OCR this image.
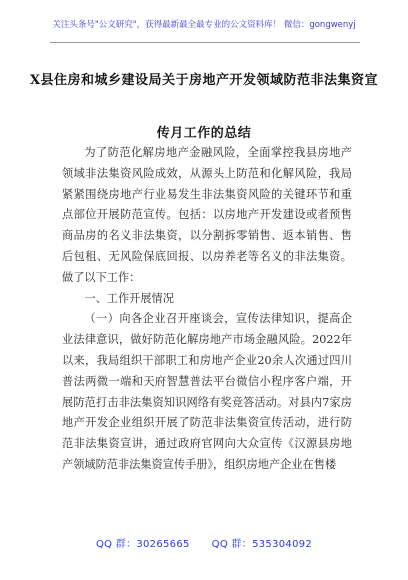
关注头条号"公文研究"，获得最新最全最专业的公文资料库！ 微信：gongwenyj
X县住房和城乡建设局关于房地产开发领域防范非法集资宣
传月工作的总结

为了防范化解房地产金融风险，全面掌控我县房地产领域非法集资风险成效，从源头上防范和化解风险，我局紧紧围绕房地产行业易发生非法集资风险的关键环节和重点部位开展防范宣传。包括：以房地产开发建设或者预售商品房的名义非法集资，以分割拆零销售、返本销售、售后包租、无风险保底回报、以房养老等名义的非法集资。做了以下工作：

一、工作开展情况

（一）向各企业召开座谈会，宣传法律知识，提高企业法律意识，做好防范化解房地产市场金融风险。2022年以来，我局组织干部职工和房地产企业20余人次通过四川普法两微一端和天府智慧普法平台微信小程序客户端，开展防范打击非法集资知识网络有奖竞答活动。对县内7家房地产开发企业组织开展了防范非法集资宣传活动，进行防范非法集资宣讲，通过政府官网向大众宣传《汉源县房地产领域防范非法集资宣传手册》，组织房地产企业在售楼

QQ 群：30265665 QQ 群：535304092
